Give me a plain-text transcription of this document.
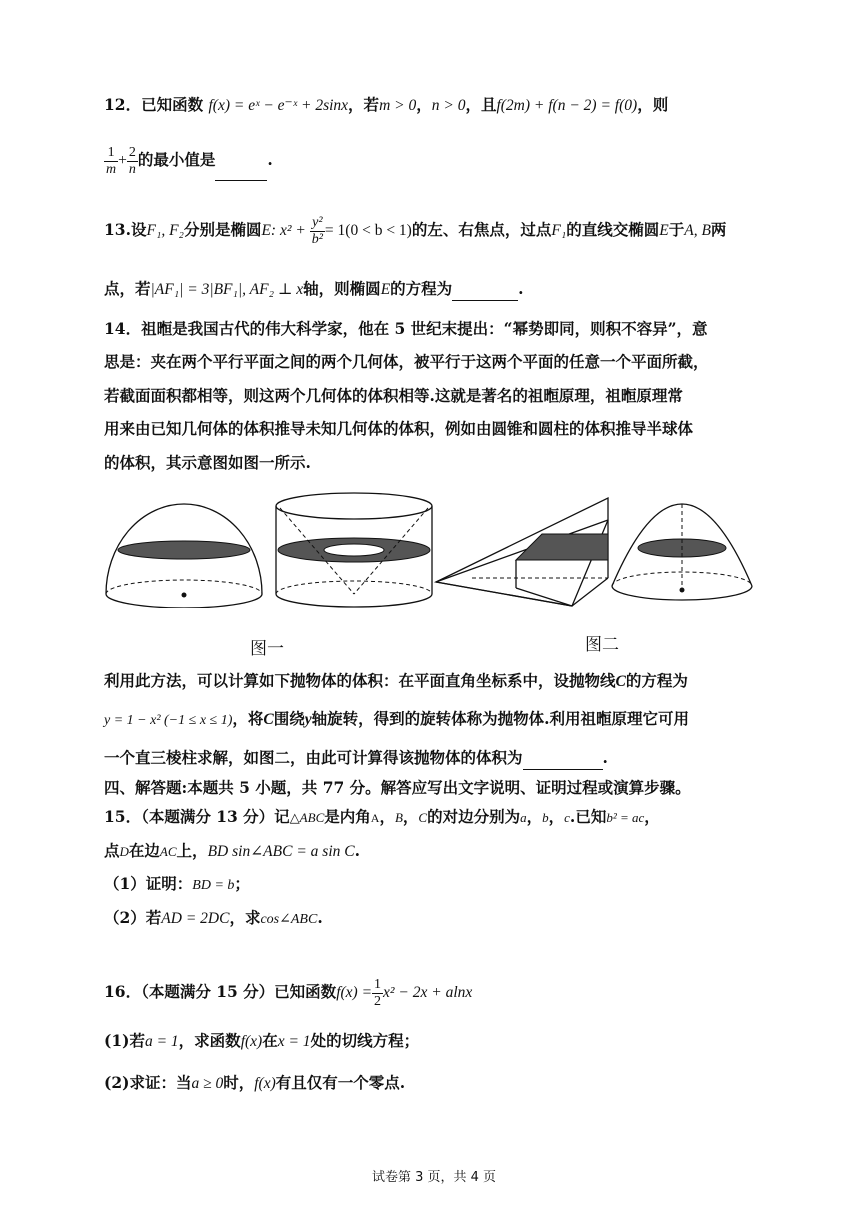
12．已知函数 f(x) = eˣ − e⁻ˣ + 2sinx，若m > 0，n > 0，且f(2m) + f(n − 2) = f(0)，则
$\frac{1}{m} + \frac{2}{n}$ 的最小值是	.
13.设F₁, F₂分别是椭圆E: $x^2 + \frac{\text{y²}}{\text{b²}} = 1(0 < b < 1)$的左、右焦点，过点F₁的直线交椭圆E于A, B两
点，若|AF₁| = 3|BF₁|, AF₂ ⊥ x轴，则椭圆E的方程为	.
14．祖暅是我国古代的伟大科学家，他在 5 世纪末提出：“幂势即同，则积不容异”，意
思是：夹在两个平行平面之间的两个几何体，被平行于这两个平面的任意一个平面所截，
若截面面积都相等，则这两个几何体的体积相等.这就是著名的祖暅原理，祖暅原理常
用来由已知几何体的体积推导未知几何体的体积，例如由圆锥和圆柱的体积推导半球体
的体积，其示意图如图一所示.
图一	图二
利用此方法，可以计算如下抛物体的体积：在平面直角坐标系中，设抛物线C的方程为
y = 1 − x² (−1 ≤ x ≤ 1)，将C围绕y轴旋转，得到的旋转体称为抛物体.利用祖暅原理它可用
一个直三棱柱求解，如图二，由此可计算得该抛物体的体积为	.
四、解答题:本题共 5 小题，共 77 分。解答应写出文字说明、证明过程或演算步骤。
15．（本题满分 13 分）记△ABC是内角A，B，C的对边分别为a，b，c.已知b² = ac，
点D在边AC上，BD sin∠ABC = a sin C.
（1）证明：BD = b；
（2）若AD = 2DC，求cos∠ABC.
16．（本题满分 15 分）已知函数$f(x) = \frac{1}{2} x^2 - 2x + alnx$
(1)若a = 1，求函数f(x)在x = 1处的切线方程；
(2)求证：当a ≥ 0时，f(x)有且仅有一个零点.
试卷第 3 页，共 4 页
